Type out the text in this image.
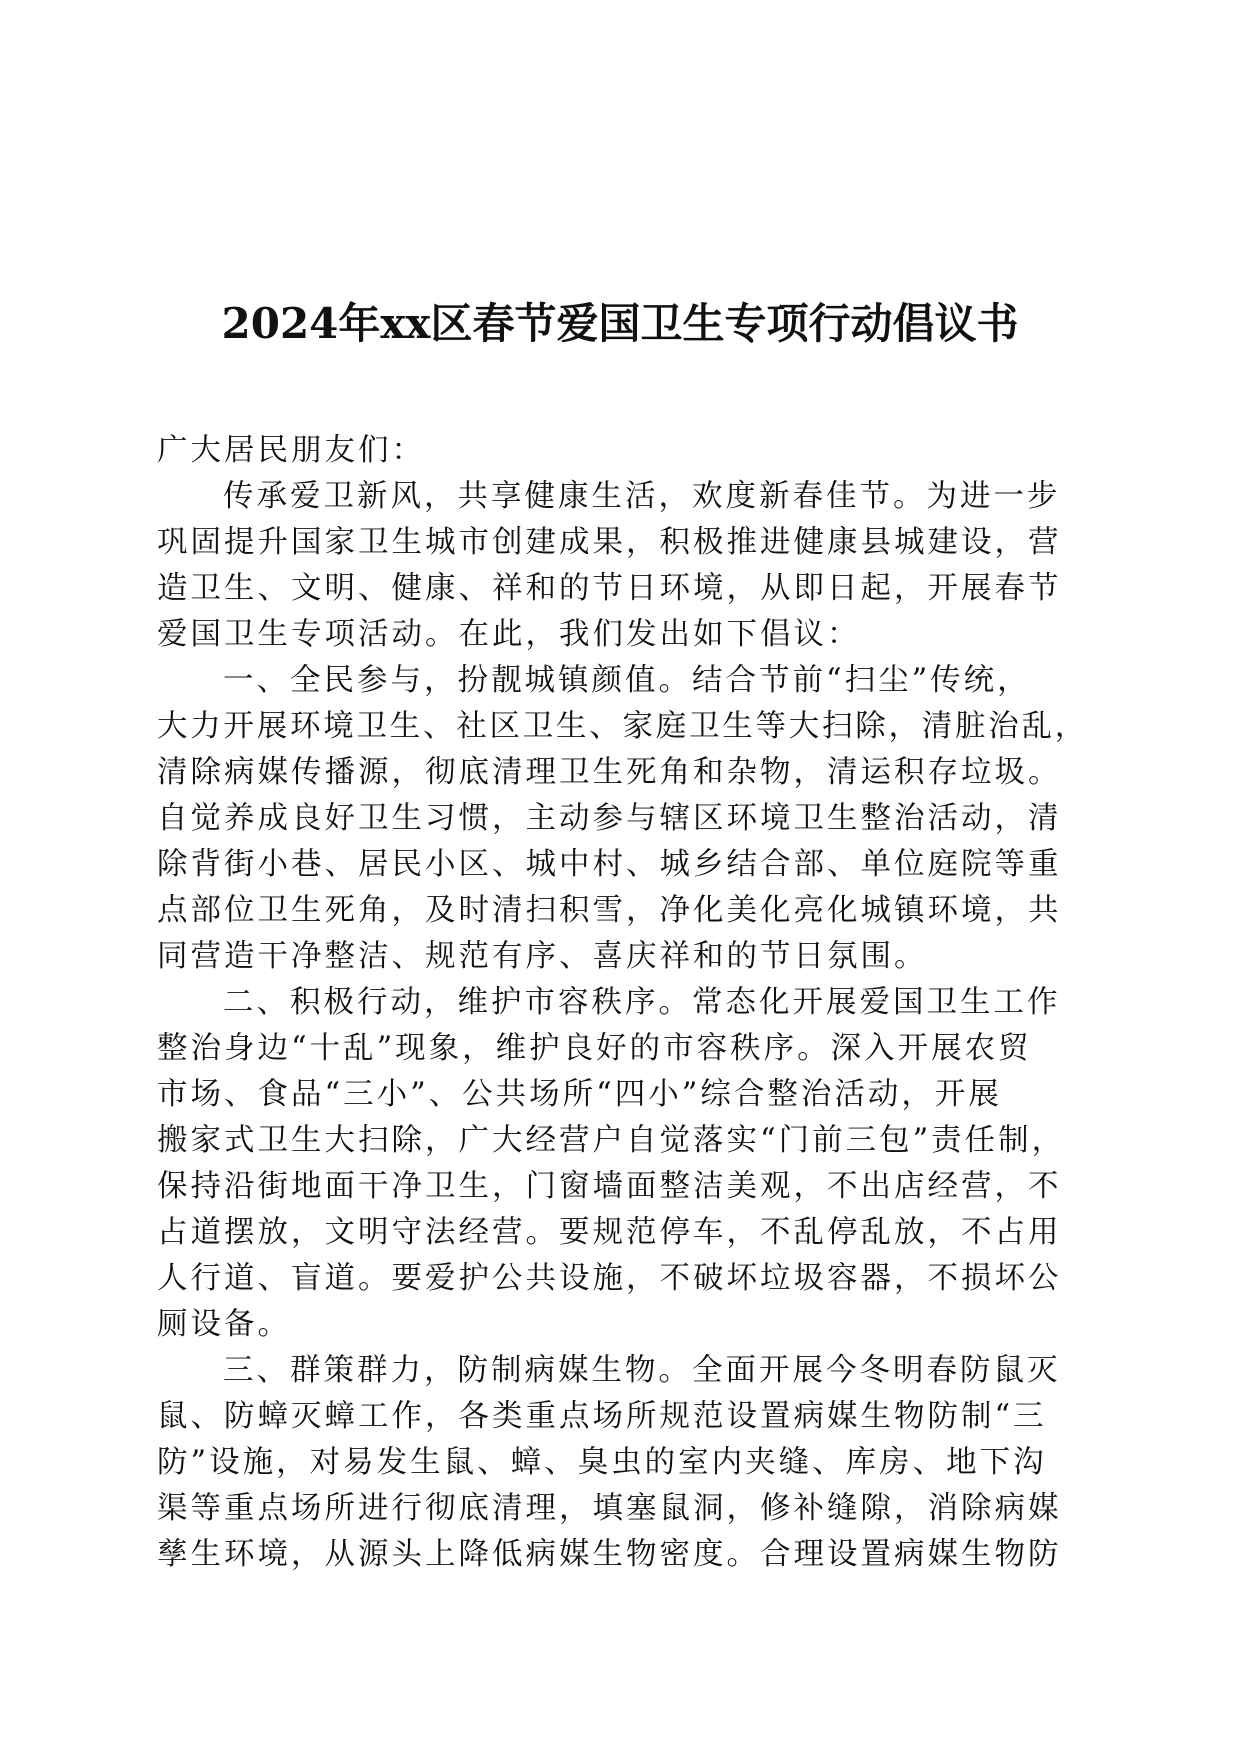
2024年xx区春节爱国卫生专项行动倡议书
广大居民朋友们：
传承爱卫新风，共享健康生活，欢度新春佳节。为进一步
巩固提升国家卫生城市创建成果，积极推进健康县城建设，营
造卫生、文明、健康、祥和的节日环境，从即日起，开展春节
爱国卫生专项活动。在此，我们发出如下倡议：
一、全民参与，扮靓城镇颜值。结合节前“扫尘”传统，
大力开展环境卫生、社区卫生、家庭卫生等大扫除，清脏治乱，
清除病媒传播源，彻底清理卫生死角和杂物，清运积存垃圾。
自觉养成良好卫生习惯，主动参与辖区环境卫生整治活动，清
除背街小巷、居民小区、城中村、城乡结合部、单位庭院等重
点部位卫生死角，及时清扫积雪，净化美化亮化城镇环境，共
同营造干净整洁、规范有序、喜庆祥和的节日氛围。
二、积极行动，维护市容秩序。常态化开展爱国卫生工作
整治身边“十乱”现象，维护良好的市容秩序。深入开展农贸
市场、食品“三小”、公共场所“四小”综合整治活动，开展
搬家式卫生大扫除，广大经营户自觉落实“门前三包”责任制，
保持沿街地面干净卫生，门窗墙面整洁美观，不出店经营，不
占道摆放，文明守法经营。要规范停车，不乱停乱放，不占用
人行道、盲道。要爱护公共设施，不破坏垃圾容器，不损坏公
厕设备。
三、群策群力，防制病媒生物。全面开展今冬明春防鼠灭
鼠、防蟑灭蟑工作，各类重点场所规范设置病媒生物防制“三
防”设施，对易发生鼠、蟑、臭虫的室内夹缝、库房、地下沟
渠等重点场所进行彻底清理，填塞鼠洞，修补缝隙，消除病媒
孳生环境，从源头上降低病媒生物密度。合理设置病媒生物防
